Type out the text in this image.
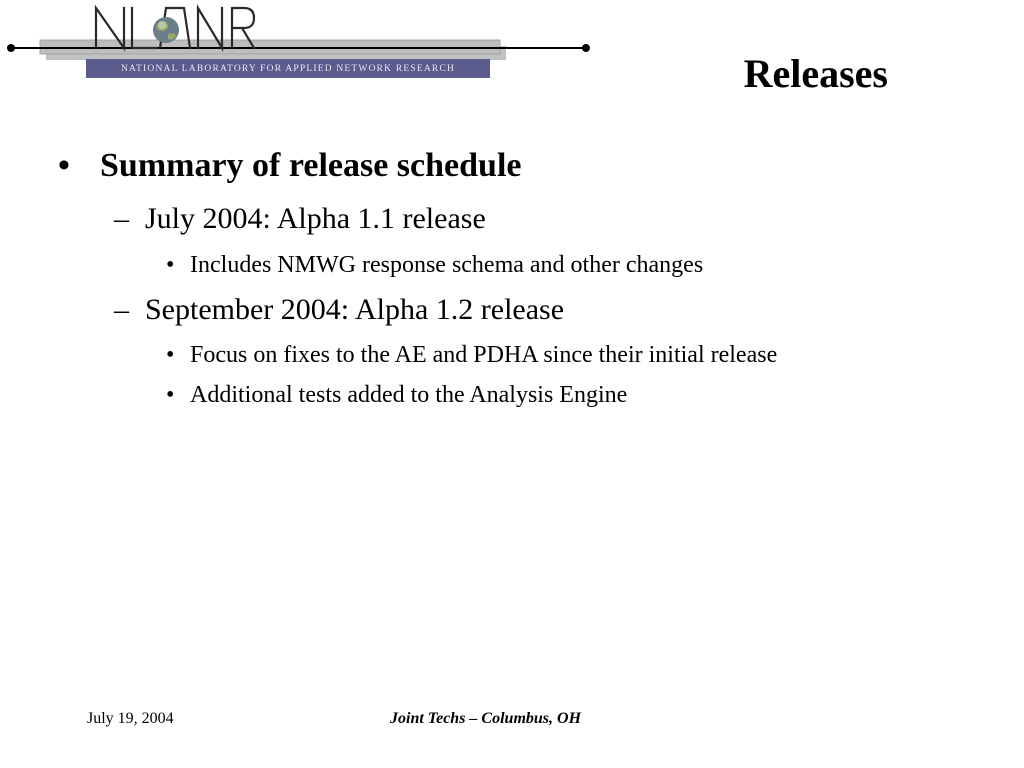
NATIONAL LABORATORY FOR APPLIED NETWORK RESEARCH	Releases
• Summary of release schedule
– July 2004: Alpha 1.1 release
• Includes NMWG response schema and other changes
– September 2004: Alpha 1.2 release
• Focus on fixes to the AE and PDHA since their initial release
• Additional tests added to the Analysis Engine
July 19, 2004	Joint Techs – Columbus, OH
